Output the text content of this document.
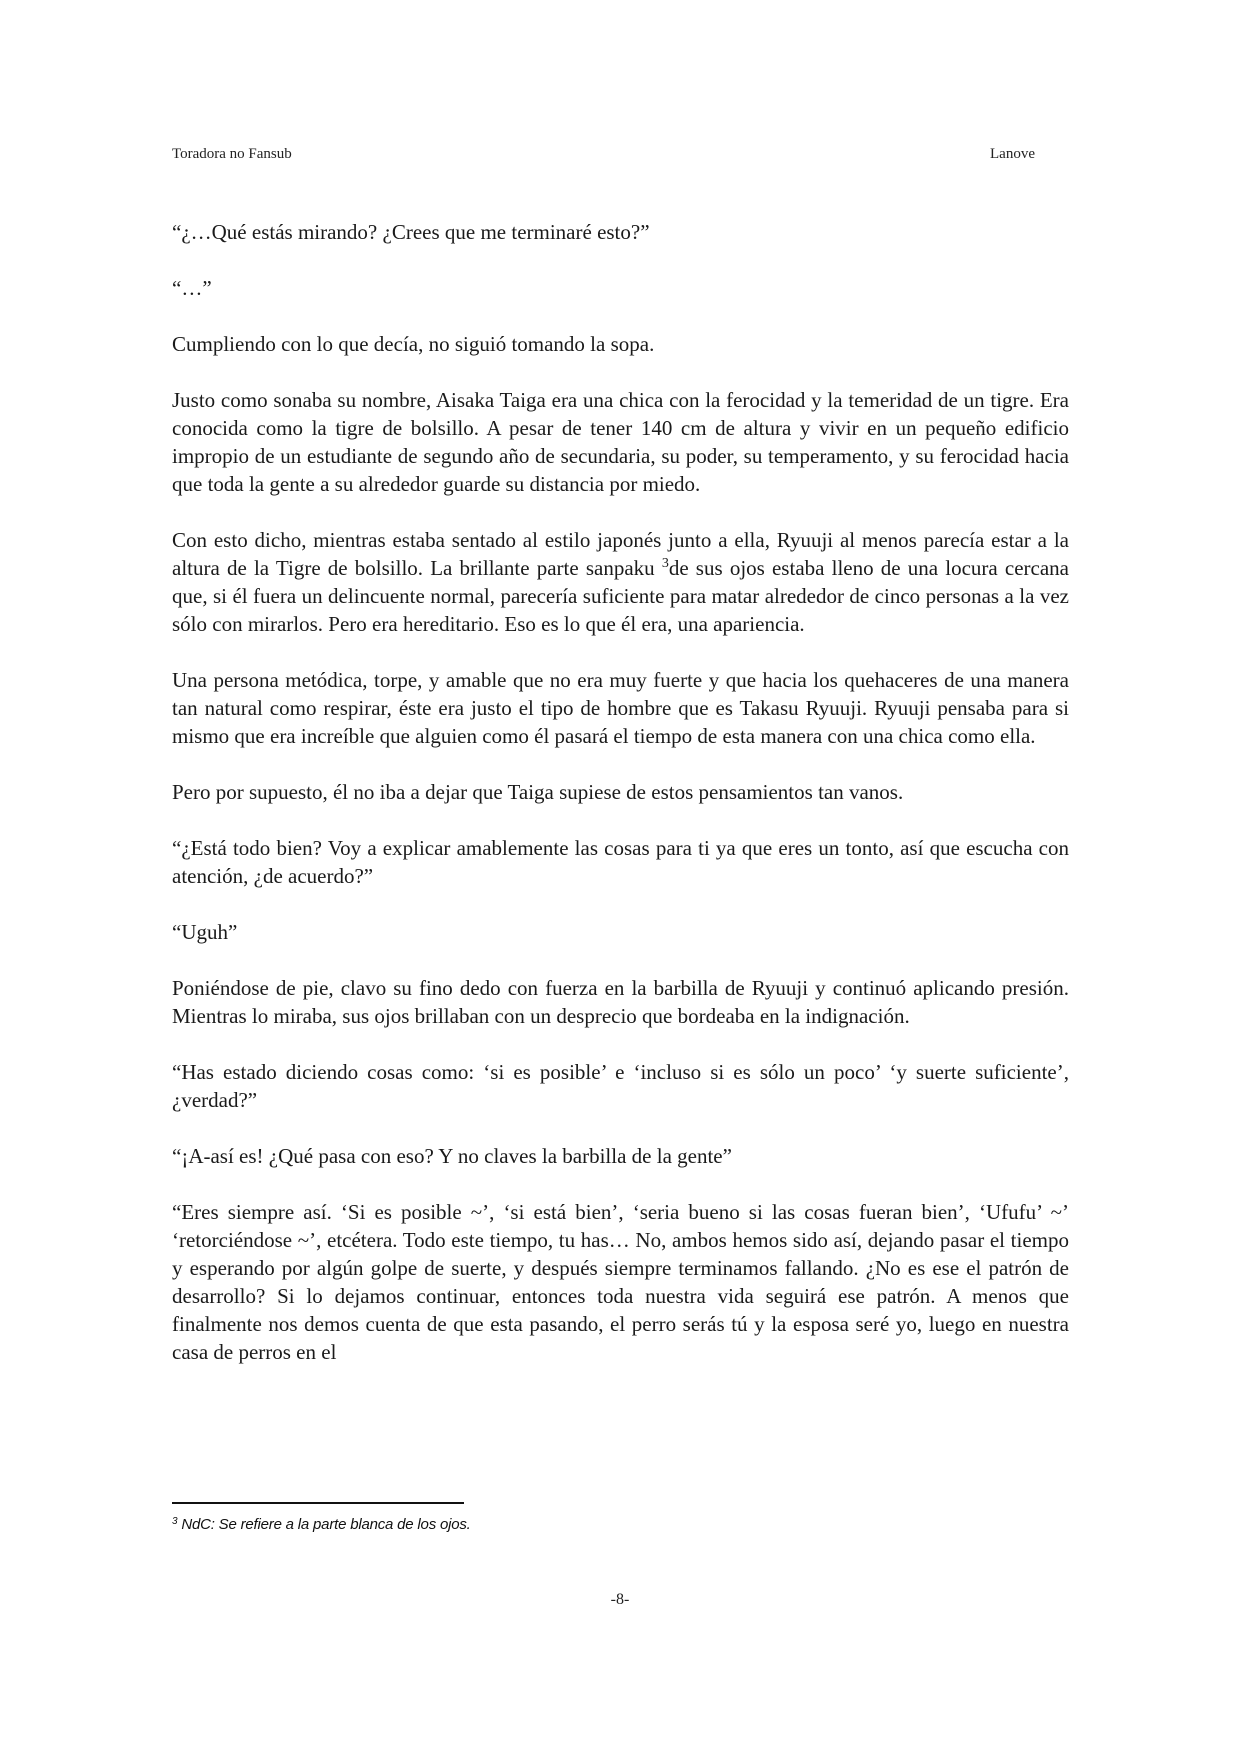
Toradora no Fansub	Lanove

“¿…Qué estás mirando? ¿Crees que me terminaré esto?”

“…”

Cumpliendo con lo que decía, no siguió tomando la sopa.

Justo como sonaba su nombre, Aisaka Taiga era una chica con la ferocidad y la temeridad de un tigre. Era conocida como la tigre de bolsillo. A pesar de tener 140 cm de altura y vivir en un pequeño edificio impropio de un estudiante de segundo año de secundaria, su poder, su temperamento, y su ferocidad hacia que toda la gente a su alrededor guarde su distancia por miedo.

Con esto dicho, mientras estaba sentado al estilo japonés junto a ella, Ryuuji al menos parecía estar a la altura de la Tigre de bolsillo. La brillante parte sanpaku $^3$de sus ojos estaba lleno de una locura cercana que, si él fuera un delincuente normal, parecería suficiente para matar alrededor de cinco personas a la vez sólo con mirarlos. Pero era hereditario. Eso es lo que él era, una apariencia.

Una persona metódica, torpe, y amable que no era muy fuerte y que hacia los quehaceres de una manera tan natural como respirar, éste era justo el tipo de hombre que es Takasu Ryuuji. Ryuuji pensaba para si mismo que era increíble que alguien como él pasará el tiempo de esta manera con una chica como ella.

Pero por supuesto, él no iba a dejar que Taiga supiese de estos pensamientos tan vanos.

“¿Está todo bien? Voy a explicar amablemente las cosas para ti ya que eres un tonto, así que escucha con atención, ¿de acuerdo?”

“Uguh”

Poniéndose de pie, clavo su fino dedo con fuerza en la barbilla de Ryuuji y continuó aplicando presión. Mientras lo miraba, sus ojos brillaban con un desprecio que bordeaba en la indignación.

“Has estado diciendo cosas como: ‘si es posible’ e ‘incluso si es sólo un poco’ ‘y suerte suficiente’, ¿verdad?”

“¡A-así es! ¿Qué pasa con eso? Y no claves la barbilla de la gente”

“Eres siempre así. ‘Si es posible ~’, ‘si está bien’, ‘seria bueno si las cosas fueran bien’, ‘Ufufu’ ~’ ‘retorciéndose ~’, etcétera. Todo este tiempo, tu has… No, ambos hemos sido así, dejando pasar el tiempo y esperando por algún golpe de suerte, y después siempre terminamos fallando. ¿No es ese el patrón de desarrollo? Si lo dejamos continuar, entonces toda nuestra vida seguirá ese patrón. A menos que finalmente nos demos cuenta de que esta pasando, el perro serás tú y la esposa seré yo, luego en nuestra casa de perros en el

$^3$ NdC: Se refiere a la parte blanca de los ojos.
-8-
